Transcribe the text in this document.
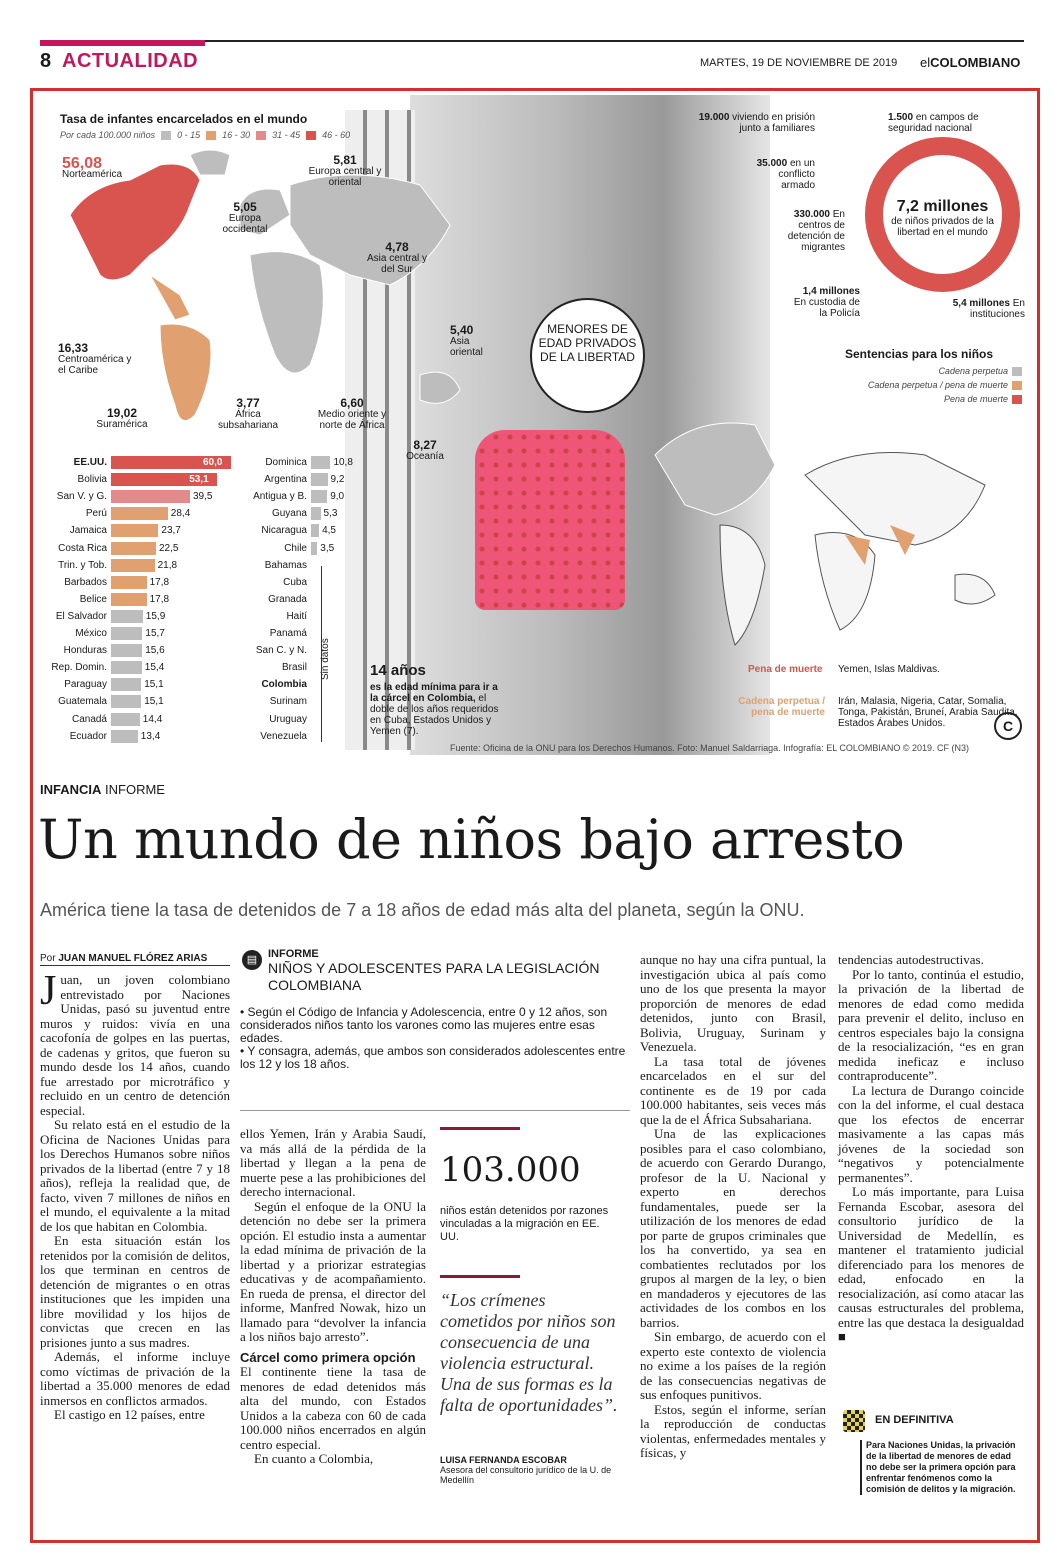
8 ACTUALIDAD	MARTES, 19 DE NOVIEMBRE DE 2019 elCOLOMBIANO
Tasa de infantes encarcelados en el mundo
Por cada 100.000 niños 0 - 15 16 - 30 31 - 45 46 - 60
56,08
Norteamérica
5,81
Europa central y oriental
5,05
Europa occidental
4,78
Asia central y del Sur
5,40
Asia oriental
16,33
Centroamérica y el Caribe
19,02
Suramérica
3,77
África subsahariana
6,60
Medio oriente y norte de África
8,27
Oceanía
MENORES DE EDAD PRIVADOS DE LA LIBERTAD
7,2 millones
de niños privados de la libertad en el mundo
19.000 viviendo en prisión junto a familiares
1.500 en campos de seguridad nacional
35.000 en un conflicto armado
330.000 En centros de detención de migrantes
1,4 millones En custodia de la Policía
5,4 millones En instituciones
Sentencias para los niños
Cadena perpetua
Cadena perpetua / pena de muerte
Pena de muerte
Pena de muerte Yemen, Islas Maldivas.
Cadena perpetua / pena de muerte
Irán, Malasia, Nigeria, Catar, Somalia, Tonga, Pakistán, Bruneí, Arabia Saudita, Estados Árabes Unidos.	C
14 años
es la edad mínima para ir a la cárcel en Colombia, el doble de los años requeridos en Cuba, Estados Unidos y Yemen (7).
EE.UU.	60,0
Bolivia	53,1
San V. y G.	39,5
Perú	28,4
Jamaica	23,7
Costa Rica	22,5
Trin. y Tob.	21,8
Barbados	17,8
Belice	17,8
El Salvador	15,9
México	15,7
Honduras	15,6
Rep. Domin.	15,4
Paraguay	15,1
Guatemala	15,1
Canadá	14,4
Ecuador	13,4
Dominica	10,8
Argentina 9,2
Antigua y B. 9,0
Guyana 5,3
Nicaragua 4,5
Chile 3,5
Bahamas
Cuba
Granada
Haití
Panamá
San C. y N.
Brasil
Colombia
Surinam
Uruguay
Venezuela
Sin datos
Fuente: Oficina de la ONU para los Derechos Humanos. Foto: Manuel Saldarriaga. Infografía: EL COLOMBIANO © 2019. CF (N3)
INFANCIA INFORME
Un mundo de niños bajo arresto
América tiene la tasa de detenidos de 7 a 18 años de edad más alta del planeta, según la ONU.
Por JUAN MANUEL FLÓREZ ARIAS

Juan, un joven colombiano entrevistado por Naciones Unidas, pasó su juventud entre muros y ruidos: vivía en una cacofonía de golpes en las puertas, de cadenas y gritos, que fueron su mundo desde los 14 años, cuando fue arrestado por microtráfico y recluido en un centro de detención especial.

Su relato está en el estudio de la Oficina de Naciones Unidas para los Derechos Humanos sobre niños privados de la libertad (entre 7 y 18 años), refleja la realidad que, de facto, viven 7 millones de niños en el mundo, el equivalente a la mitad de los que habitan en Colombia.

En esta situación están los retenidos por la comisión de delitos, los que terminan en centros de detención de migrantes o en otras instituciones que les impiden una libre movilidad y los hijos de convictas que crecen en las prisiones junto a sus madres.

Además, el informe incluye como víctimas de privación de la libertad a 35.000 menores de edad inmersos en conflictos armados.

El castigo en 12 países, entre

▤ INFORME
NIÑOS Y ADOLESCENTES PARA LA LEGISLACIÓN COLOMBIANA
• Según el Código de Infancia y Adolescencia, entre 0 y 12 años, son considerados niños tanto los varones como las mujeres entre esas edades.
• Y consagra, además, que ambos son considerados adolescentes entre los 12 y los 18 años.

ellos Yemen, Irán y Arabia Saudí, va más allá de la pérdida de la libertad y llegan a la pena de muerte pese a las prohibiciones del derecho internacional.

Según el enfoque de la ONU la detención no debe ser la primera opción. El estudio insta a aumentar la edad mínima de privación de la libertad y a priorizar estrategias educativas y de acompañamiento. En rueda de prensa, el director del informe, Manfred Nowak, hizo un llamado para “devolver la infancia a los niños bajo arresto”.

Cárcel como primera opción

El continente tiene la tasa de menores de edad detenidos más alta del mundo, con Estados Unidos a la cabeza con 60 de cada 100.000 niños encerrados en algún centro especial.

En cuanto a Colombia,

103.000
niños están detenidos por razones vinculadas a la migración en EE. UU.
“Los crímenes cometidos por niños son consecuencia de una violencia estructural. Una de sus formas es la falta de oportunidades”.
LUISA FERNANDA ESCOBAR
Asesora del consultorio jurídico de la U. de Medellín

aunque no hay una cifra puntual, la investigación ubica al país como uno de los que presenta la mayor proporción de menores de edad detenidos, junto con Brasil, Bolivia, Uruguay, Surinam y Venezuela.

La tasa total de jóvenes encarcelados en el sur del continente es de 19 por cada 100.000 habitantes, seis veces más que la de el África Subsahariana.

Una de las explicaciones posibles para el caso colombiano, de acuerdo con Gerardo Durango, profesor de la U. Nacional y experto en derechos fundamentales, puede ser la utilización de los menores de edad por parte de grupos criminales que los ha convertido, ya sea en combatientes reclutados por los grupos al margen de la ley, o bien en mandaderos y ejecutores de las actividades de los combos en los barrios.

Sin embargo, de acuerdo con el experto este contexto de violencia no exime a los países de la región de las consecuencias negativas de sus enfoques punitivos.

Estos, según el informe, serían la reproducción de conductas violentas, enfermedades mentales y físicas, y

tendencias autodestructivas.

Por lo tanto, continúa el estudio, la privación de la libertad de menores de edad como medida para prevenir el delito, incluso en centros especiales bajo la consigna de la resocialización, “es en gran medida ineficaz e incluso contraproducente”.

La lectura de Durango coincide con la del informe, el cual destaca que los efectos de encerrar masivamente a las capas más jóvenes de la sociedad son “negativos y potencialmente permanentes”.

Lo más importante, para Luisa Fernanda Escobar, asesora del consultorio jurídico de la Universidad de Medellín, es mantener el tratamiento judicial diferenciado para los menores de edad, enfocado en la resocialización, así como atacar las causas estructurales del problema, entre las que destaca la desigualdad ■

EN DEFINITIVA
Para Naciones Unidas, la privación de la libertad de menores de edad no debe ser la primera opción para enfrentar fenómenos como la comisión de delitos y la migración.
